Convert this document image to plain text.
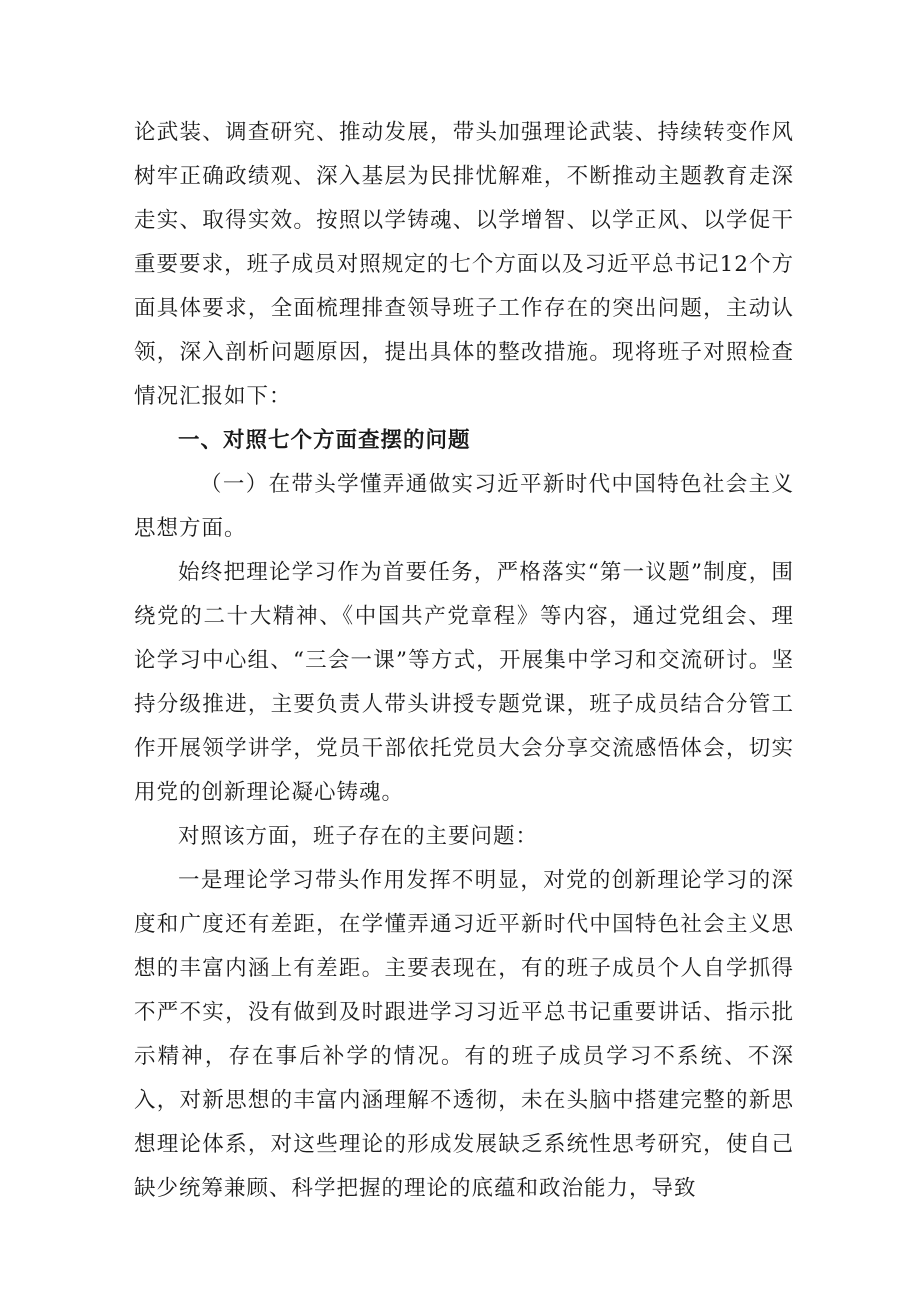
论武装、调查研究、推动发展，带头加强理论武装、持续转变作风树牢正确政绩观、深入基层为民排忧解难，不断推动主题教育走深走实、取得实效。按照以学铸魂、以学增智、以学正风、以学促干重要要求，班子成员对照规定的七个方面以及习近平总书记12个方面具体要求，全面梳理排查领导班子工作存在的突出问题，主动认领，深入剖析问题原因，提出具体的整改措施。现将班子对照检查情况汇报如下：

一、对照七个方面查摆的问题

（一）在带头学懂弄通做实习近平新时代中国特色社会主义思想方面。

始终把理论学习作为首要任务，严格落实“第一议题”制度，围绕党的二十大精神、《中国共产党章程》等内容，通过党组会、理论学习中心组、“三会一课”等方式，开展集中学习和交流研讨。坚持分级推进，主要负责人带头讲授专题党课，班子成员结合分管工作开展领学讲学，党员干部依托党员大会分享交流感悟体会，切实用党的创新理论凝心铸魂。

对照该方面，班子存在的主要问题：

一是理论学习带头作用发挥不明显，对党的创新理论学习的深度和广度还有差距，在学懂弄通习近平新时代中国特色社会主义思想的丰富内涵上有差距。主要表现在，有的班子成员个人自学抓得不严不实，没有做到及时跟进学习习近平总书记重要讲话、指示批示精神，存在事后补学的情况。有的班子成员学习不系统、不深入，对新思想的丰富内涵理解不透彻，未在头脑中搭建完整的新思想理论体系，对这些理论的形成发展缺乏系统性思考研究，使自己缺少统筹兼顾、科学把握的理论的底蕴和政治能力，导致
